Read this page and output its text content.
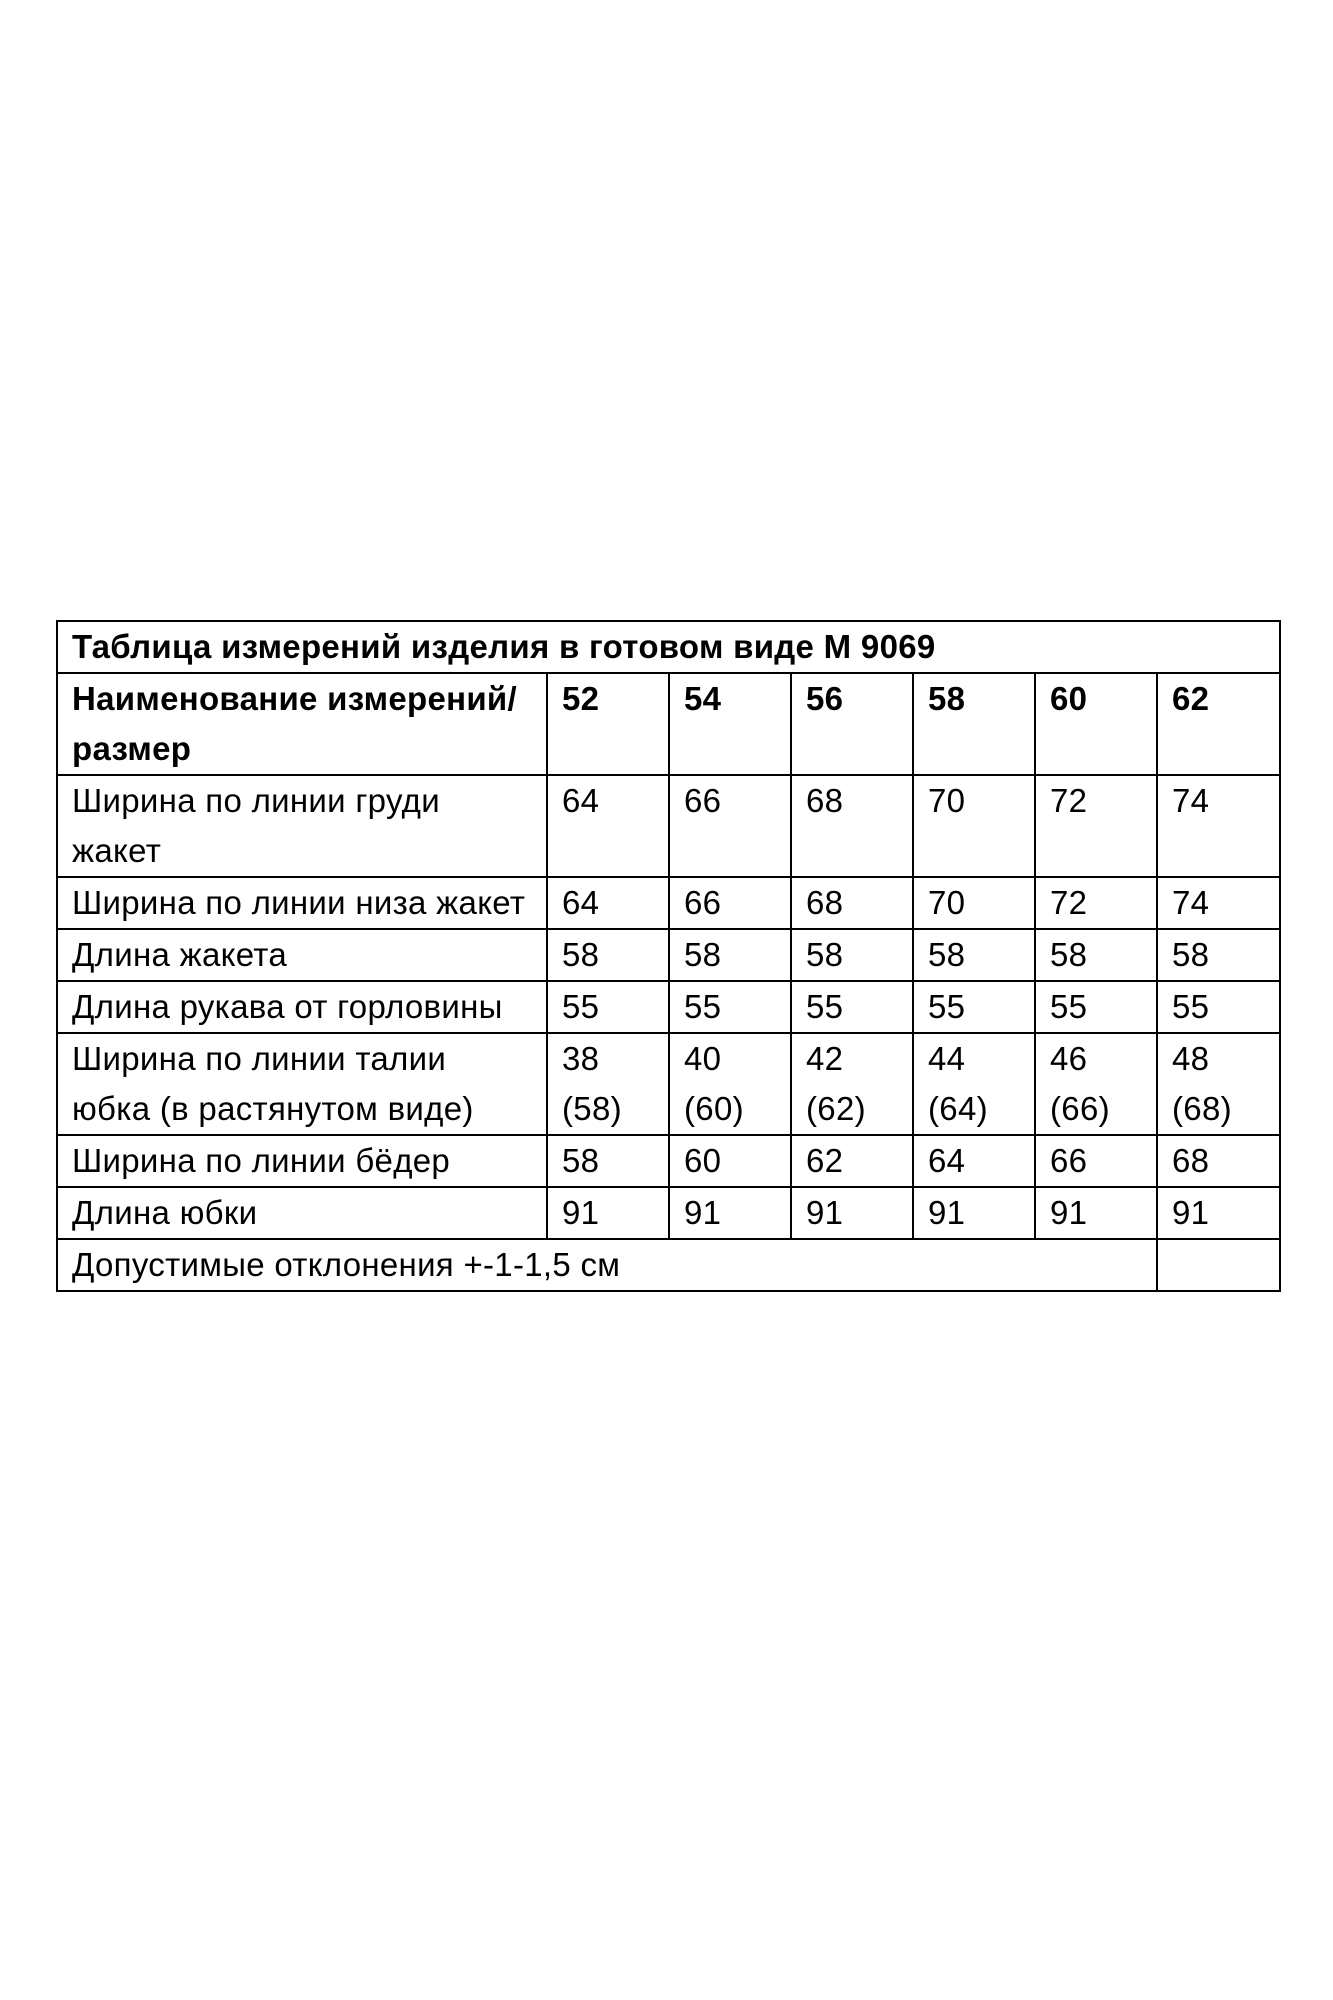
Таблица измерений изделия в готовом виде М 9069						
Наименование измерений/размер	52	54	56	58	60	62
Ширина по линии груди жакет	64	66	68	70	72	74
Ширина по линии низа жакет	64	66	68	70	72	74
Длина жакета	58	58	58	58	58	58
Длина рукава от горловины	55	55	55	55	55	55
Ширина по линии талии юбка (в растянутом виде)	38 (58)	40 (60)	42 (62)	44 (64)	46 (66)	48 (68)
Ширина по линии бёдер	58	60	62	64	66	68
Длина юбки	91	91	91	91	91	91
Допустимые отклонения +-1-1,5 см						
